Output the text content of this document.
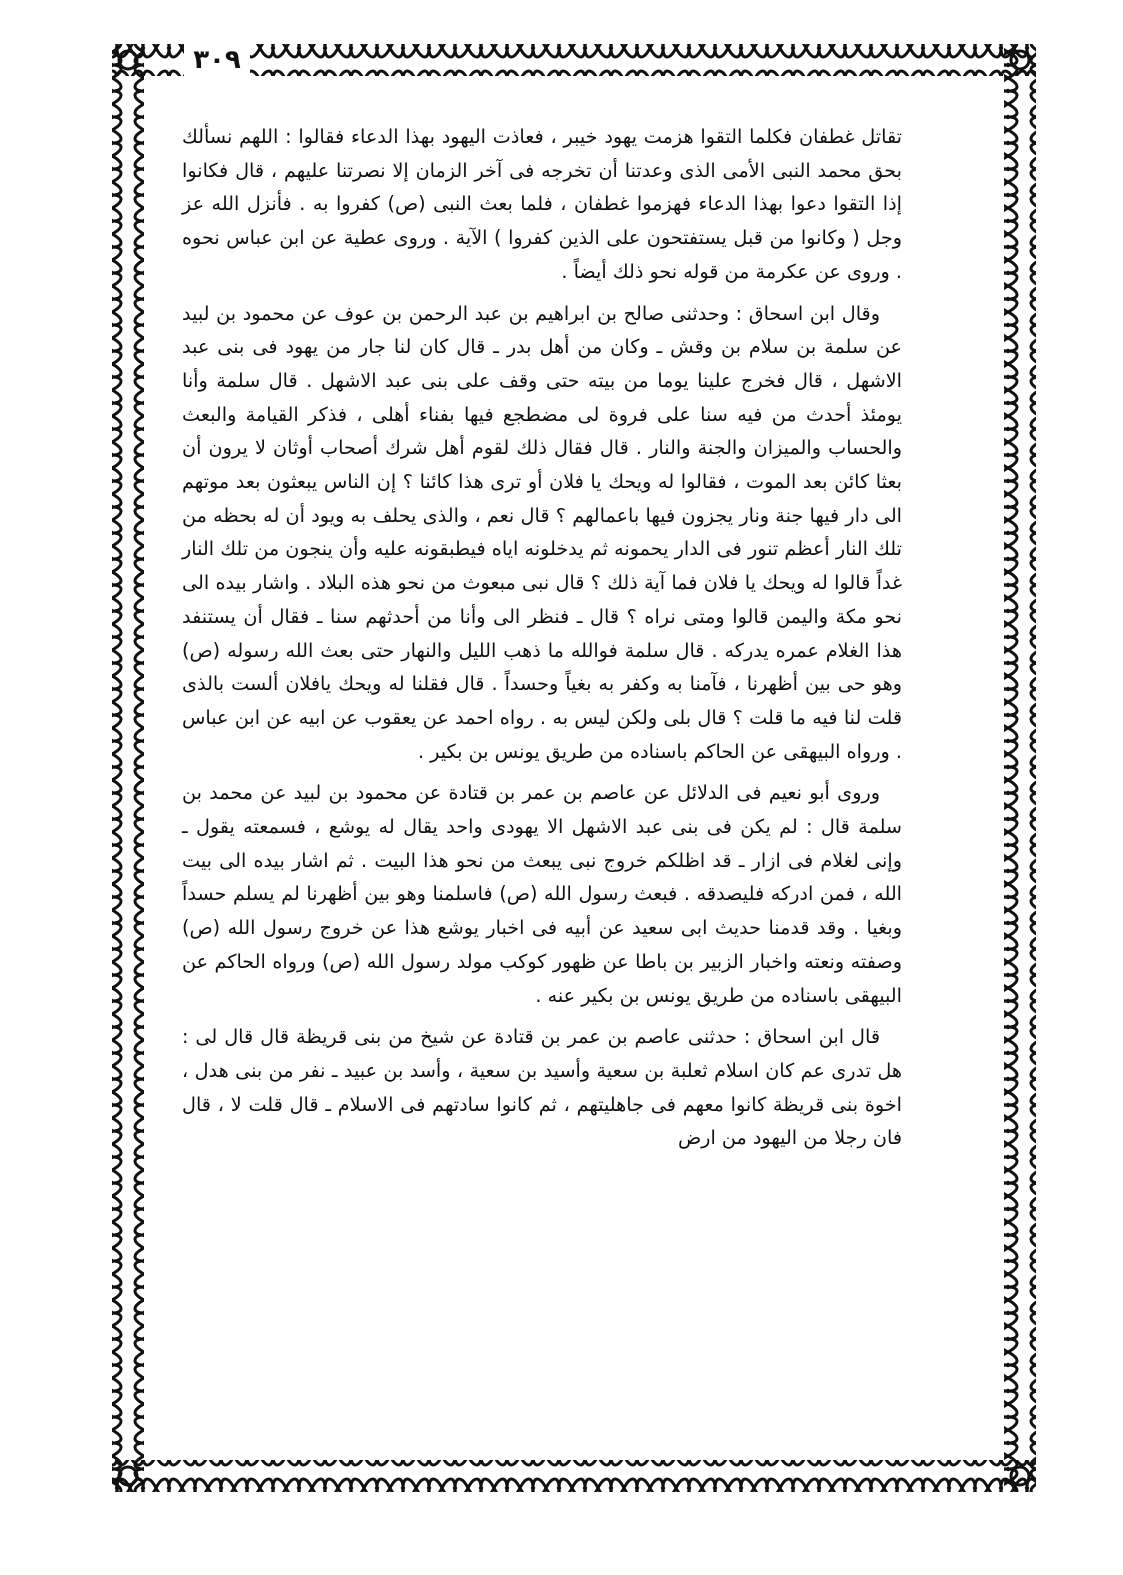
٣٠٩

تقاتل غطفان فكلما التقوا هزمت يهود خيبر ، فعاذت اليهود بهذا الدعاء فقالوا : اللهم نسألك بحق محمد النبى الأمى الذى وعدتنا أن تخرجه فى آخر الزمان إلا نصرتنا عليهم ، قال فكانوا إذا التقوا دعوا بهذا الدعاء فهزموا غطفان ، فلما بعث النبى (ص) كفروا به . فأنزل الله عز وجل ( وكانوا من قبل يستفتحون على الذين كفروا ) الآية . وروى عطية عن ابن عباس نحوه . وروى عن عكرمة من قوله نحو ذلك أيضاً .

وقال ابن اسحاق : وحدثنى صالح بن ابراهيم بن عبد الرحمن بن عوف عن محمود بن لبيد عن سلمة بن سلام بن وقش ـ وكان من أهل بدر ـ قال كان لنا جار من يهود فى بنى عبد الاشهل ، قال فخرج علينا يوما من بيته حتى وقف على بنى عبد الاشهل . قال سلمة وأنا يومئذ أحدث من فيه سنا على فروة لى مضطجع فيها بفناء أهلى ، فذكر القيامة والبعث والحساب والميزان والجنة والنار . قال فقال ذلك لقوم أهل شرك أصحاب أوثان لا يرون أن بعثا كائن بعد الموت ، فقالوا له ويحك يا فلان أو ترى هذا كائنا ؟ إن الناس يبعثون بعد موتهم الى دار فيها جنة ونار يجزون فيها باعمالهم ؟ قال نعم ، والذى يحلف به ويود أن له بحظه من تلك النار أعظم تنور فى الدار يحمونه ثم يدخلونه اياه فيطبقونه عليه وأن ينجون من تلك النار غداً قالوا له ويحك يا فلان فما آية ذلك ؟ قال نبى مبعوث من نحو هذه البلاد . واشار بيده الى نحو مكة واليمن قالوا ومتى نراه ؟ قال ـ فنظر الى وأنا من أحدثهم سنا ـ فقال أن يستنفد هذا الغلام عمره يدركه . قال سلمة فوالله ما ذهب الليل والنهار حتى بعث الله رسوله (ص) وهو حى بين أظهرنا ، فآمنا به وكفر به بغياً وحسداً . قال فقلنا له ويحك يافلان ألست بالذى قلت لنا فيه ما قلت ؟ قال بلى ولكن ليس به . رواه احمد عن يعقوب عن ابيه عن ابن عباس . ورواه البيهقى عن الحاكم باسناده من طريق يونس بن بكير .

وروى أبو نعيم فى الدلائل عن عاصم بن عمر بن قتادة عن محمود بن لبيد عن محمد بن سلمة قال : لم يكن فى بنى عبد الاشهل الا يهودى واحد يقال له يوشع ، فسمعته يقول ـ وإنى لغلام فى ازار ـ قد اظلكم خروج نبى يبعث من نحو هذا البيت . ثم اشار بيده الى بيت الله ، فمن ادركه فليصدقه . فبعث رسول الله (ص) فاسلمنا وهو بين أظهرنا لم يسلم حسداً وبغيا . وقد قدمنا حديث ابى سعيد عن أبيه فى اخبار يوشع هذا عن خروج رسول الله (ص) وصفته ونعته واخبار الزبير بن باطا عن ظهور كوكب مولد رسول الله (ص) ورواه الحاكم عن البيهقى باسناده من طريق يونس بن بكير عنه .

قال ابن اسحاق : حدثنى عاصم بن عمر بن قتادة عن شيخ من بنى قريظة قال قال لى : هل تدرى عم كان اسلام ثعلبة بن سعية وأسيد بن سعية ، وأسد بن عبيد ـ نفر من بنى هدل ، اخوة بنى قريظة كانوا معهم فى جاهليتهم ، ثم كانوا سادتهم فى الاسلام ـ قال قلت لا ، قال فان رجلا من اليهود من ارض
